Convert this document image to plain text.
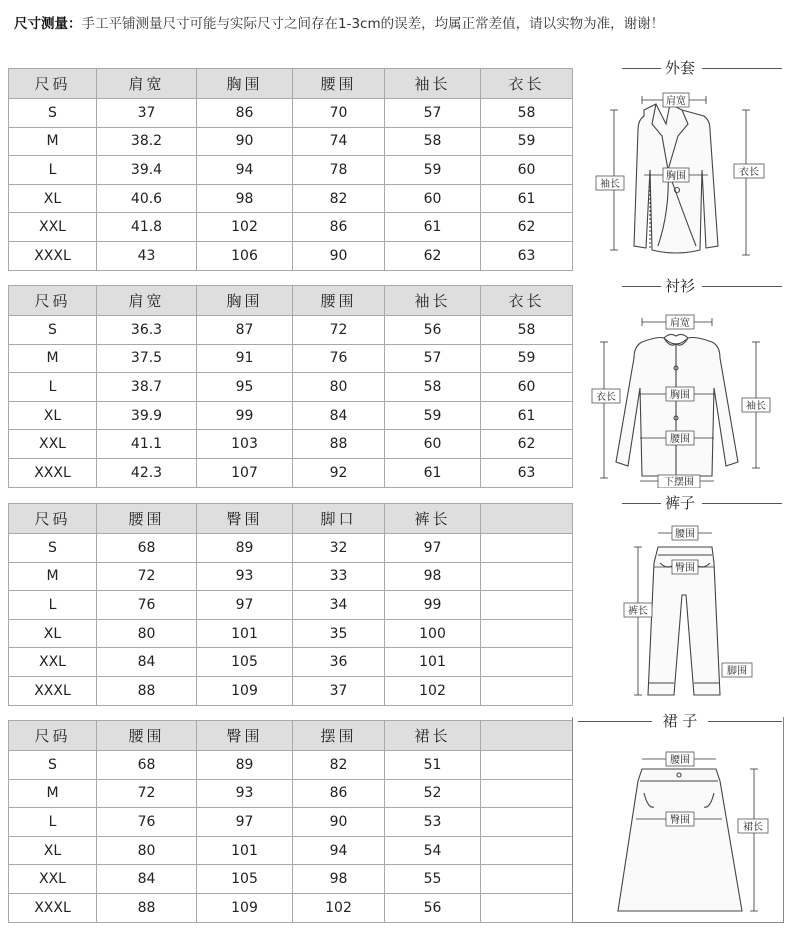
尺寸测量：手工平铺测量尺寸可能与实际尺寸之间存在1-3cm的误差，均属正常差值，请以实物为准，谢谢！
尺码	肩宽	胸围	腰围	袖长	衣长
S	37	86	70	57	58
M	38.2	90	74	58	59
L	39.4	94	78	59	60
XL	40.6	98	82	60	61
XXL	41.8	102	86	61	62
XXXL	43	106	90	62	63
尺码	肩宽	胸围	腰围	袖长	衣长
S	36.3	87	72	56	58
M	37.5	91	76	57	59
L	38.7	95	80	58	60
XL	39.9	99	84	59	61
XXL	41.1	103	88	60	62
XXXL	42.3	107	92	61	63
尺码	腰围	臀围	脚口	裤长	
S	68	89	32	97	
M	72	93	33	98	
L	76	97	34	99	
XL	80	101	35	100	
XXL	84	105	36	101	
XXXL	88	109	37	102	
尺码	腰围	臀围	摆围	裙长	
S	68	89	82	51	
M	72	93	86	52	
L	76	97	90	53	
XL	80	101	94	54	
XXL	84	105	98	55	
XXXL	88	109	102	56	
外套
肩宽
胸围
袖长
衣长
衬衫
肩宽
胸围
腰围
下摆围
衣长
袖长
裤子
腰围
臀围
裤长
脚围
裙 子
腰围
臀围
裙长
